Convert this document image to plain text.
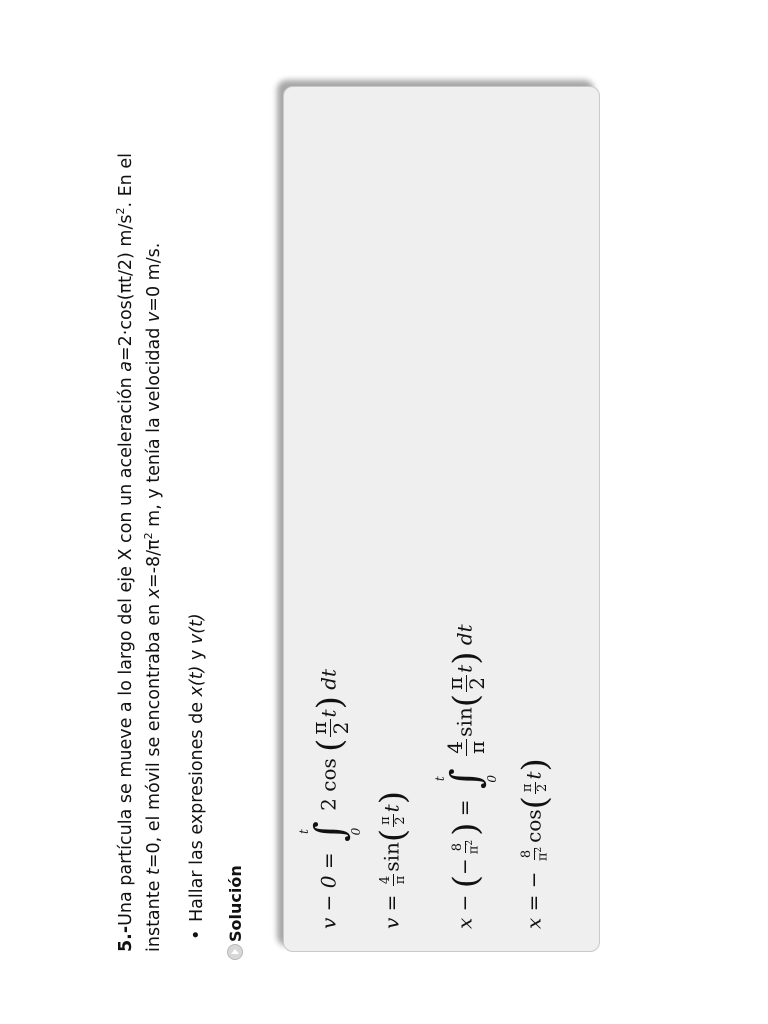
5.-Una partícula se mueve a lo largo del eje X con un aceleración a=2·cos(πt/2) $m/s^2$. En el instante t=0, el móvil se encontraba en $x=-8/\pi^2$ m, y tenía la velocidad v=0 m/s.
•Hallar las expresiones de x(t) y v(t)
Solución	v − 0 =
t
∫
0
2 cos (
π
2
t) dt
v =
4 π
sin(
π 2
t)
x − (−
8 $\pi^2$
) =
t
∫
0

4
π
sin(
π
2
t) dt
x = −
8 $\pi^2$
cos(
π 2
t)
